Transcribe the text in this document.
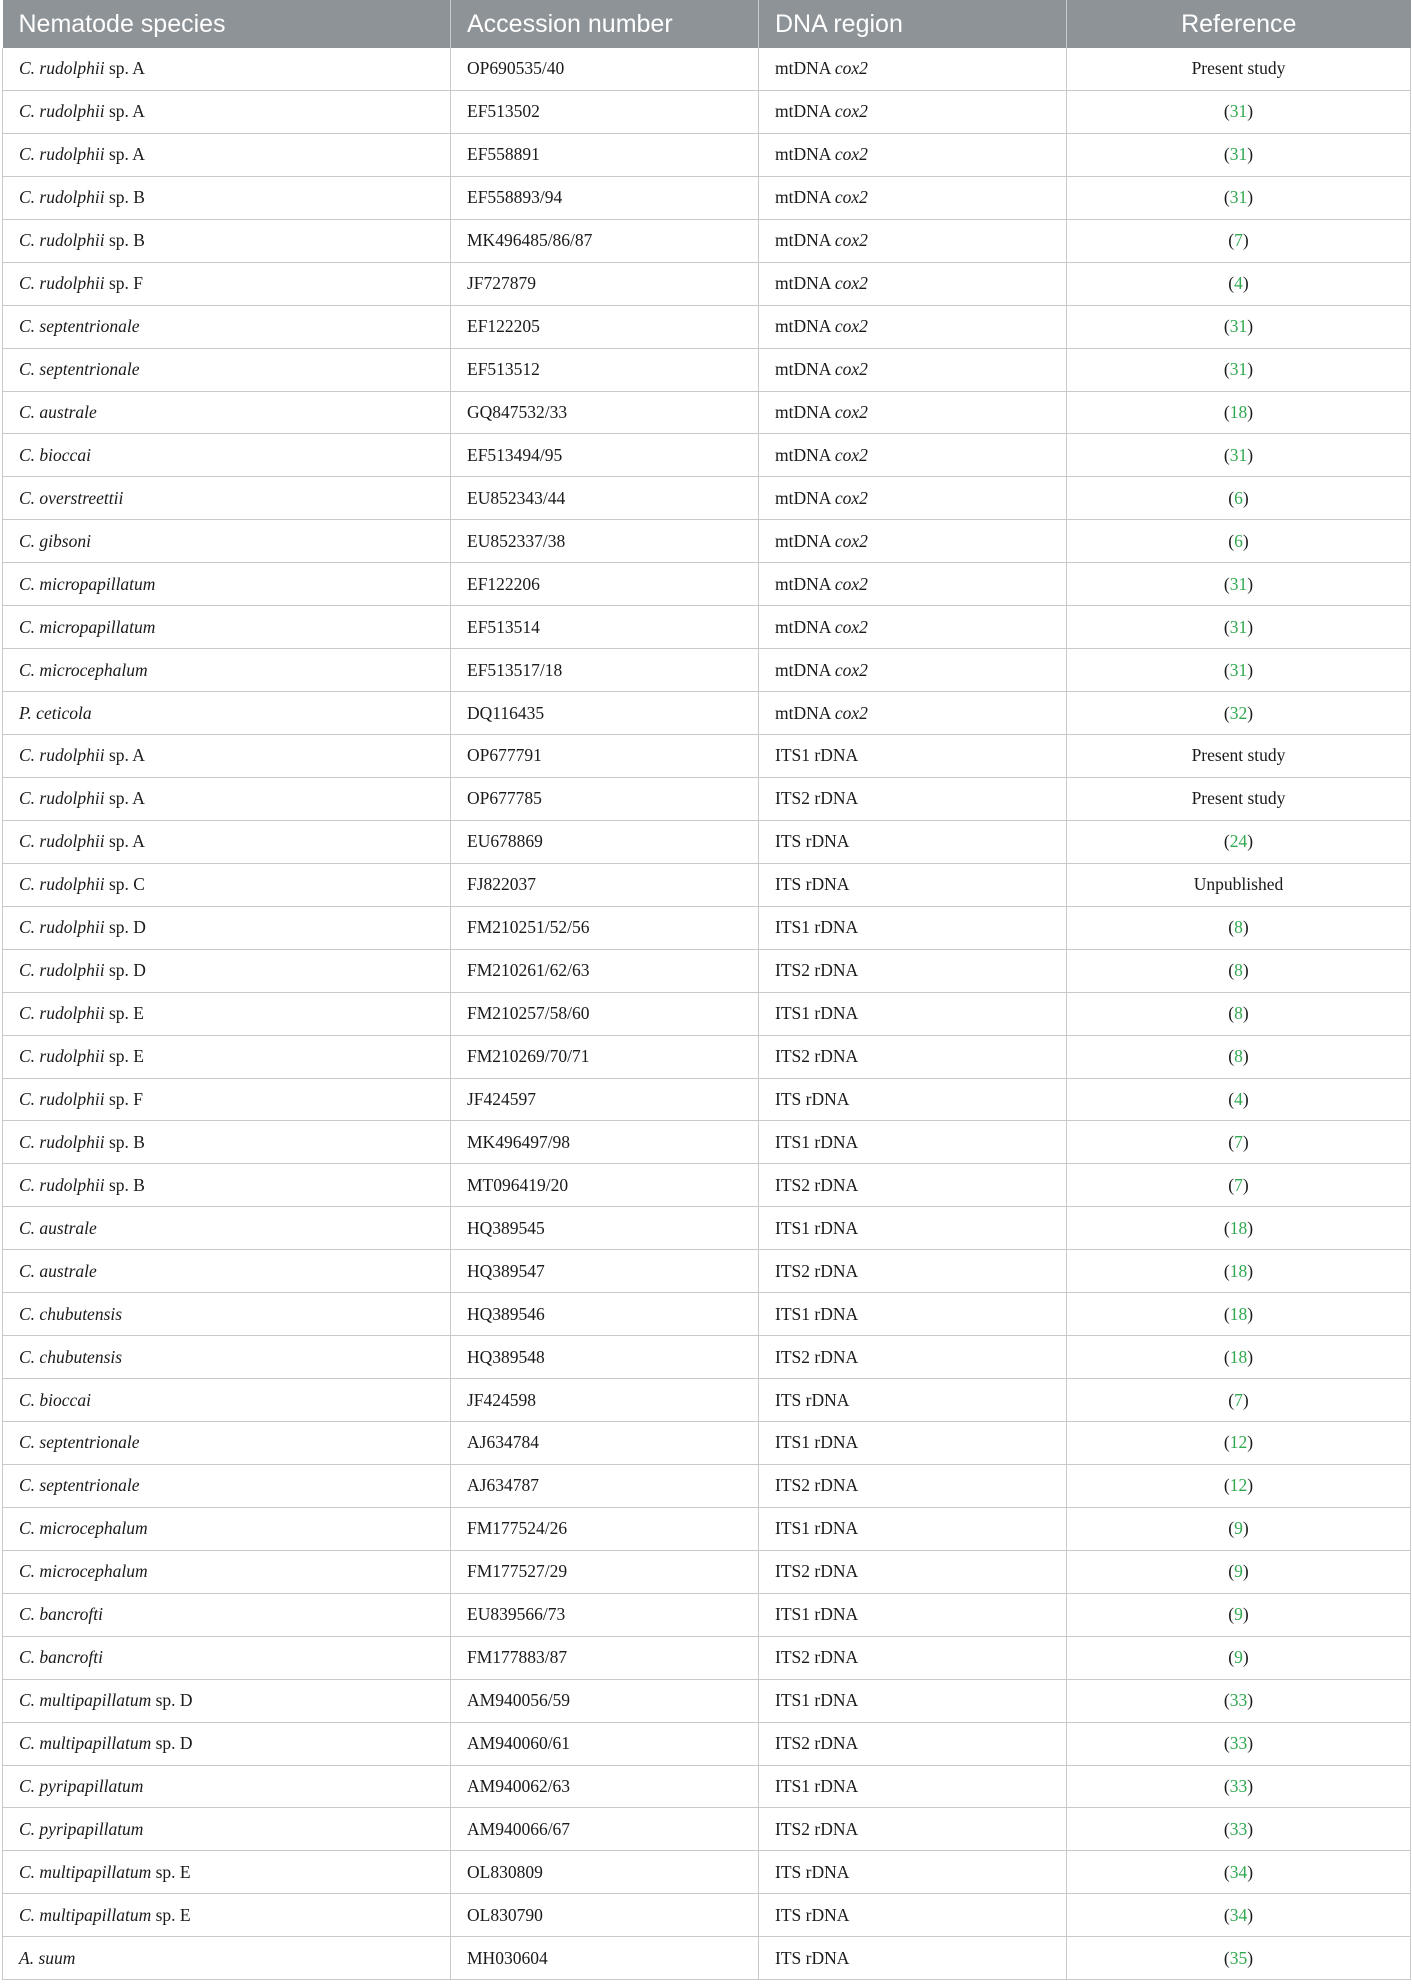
Nematode species	Accession number	DNA region	Reference
C. rudolphii sp. A	OP690535/40	mtDNA cox2	Present study
C. rudolphii sp. A	EF513502	mtDNA cox2	(31)
C. rudolphii sp. A	EF558891	mtDNA cox2	(31)
C. rudolphii sp. B	EF558893/94	mtDNA cox2	(31)
C. rudolphii sp. B	MK496485/86/87	mtDNA cox2	(7)
C. rudolphii sp. F	JF727879	mtDNA cox2	(4)
C. septentrionale	EF122205	mtDNA cox2	(31)
C. septentrionale	EF513512	mtDNA cox2	(31)
C. australe	GQ847532/33	mtDNA cox2	(18)
C. bioccai	EF513494/95	mtDNA cox2	(31)
C. overstreettii	EU852343/44	mtDNA cox2	(6)
C. gibsoni	EU852337/38	mtDNA cox2	(6)
C. micropapillatum	EF122206	mtDNA cox2	(31)
C. micropapillatum	EF513514	mtDNA cox2	(31)
C. microcephalum	EF513517/18	mtDNA cox2	(31)
P. ceticola	DQ116435	mtDNA cox2	(32)
C. rudolphii sp. A	OP677791	ITS1 rDNA	Present study
C. rudolphii sp. A	OP677785	ITS2 rDNA	Present study
C. rudolphii sp. A	EU678869	ITS rDNA	(24)
C. rudolphii sp. C	FJ822037	ITS rDNA	Unpublished
C. rudolphii sp. D	FM210251/52/56	ITS1 rDNA	(8)
C. rudolphii sp. D	FM210261/62/63	ITS2 rDNA	(8)
C. rudolphii sp. E	FM210257/58/60	ITS1 rDNA	(8)
C. rudolphii sp. E	FM210269/70/71	ITS2 rDNA	(8)
C. rudolphii sp. F	JF424597	ITS rDNA	(4)
C. rudolphii sp. B	MK496497/98	ITS1 rDNA	(7)
C. rudolphii sp. B	MT096419/20	ITS2 rDNA	(7)
C. australe	HQ389545	ITS1 rDNA	(18)
C. australe	HQ389547	ITS2 rDNA	(18)
C. chubutensis	HQ389546	ITS1 rDNA	(18)
C. chubutensis	HQ389548	ITS2 rDNA	(18)
C. bioccai	JF424598	ITS rDNA	(7)
C. septentrionale	AJ634784	ITS1 rDNA	(12)
C. septentrionale	AJ634787	ITS2 rDNA	(12)
C. microcephalum	FM177524/26	ITS1 rDNA	(9)
C. microcephalum	FM177527/29	ITS2 rDNA	(9)
C. bancrofti	EU839566/73	ITS1 rDNA	(9)
C. bancrofti	FM177883/87	ITS2 rDNA	(9)
C. multipapillatum sp. D	AM940056/59	ITS1 rDNA	(33)
C. multipapillatum sp. D	AM940060/61	ITS2 rDNA	(33)
C. pyripapillatum	AM940062/63	ITS1 rDNA	(33)
C. pyripapillatum	AM940066/67	ITS2 rDNA	(33)
C. multipapillatum sp. E	OL830809	ITS rDNA	(34)
C. multipapillatum sp. E	OL830790	ITS rDNA	(34)
A. suum	MH030604	ITS rDNA	(35)
